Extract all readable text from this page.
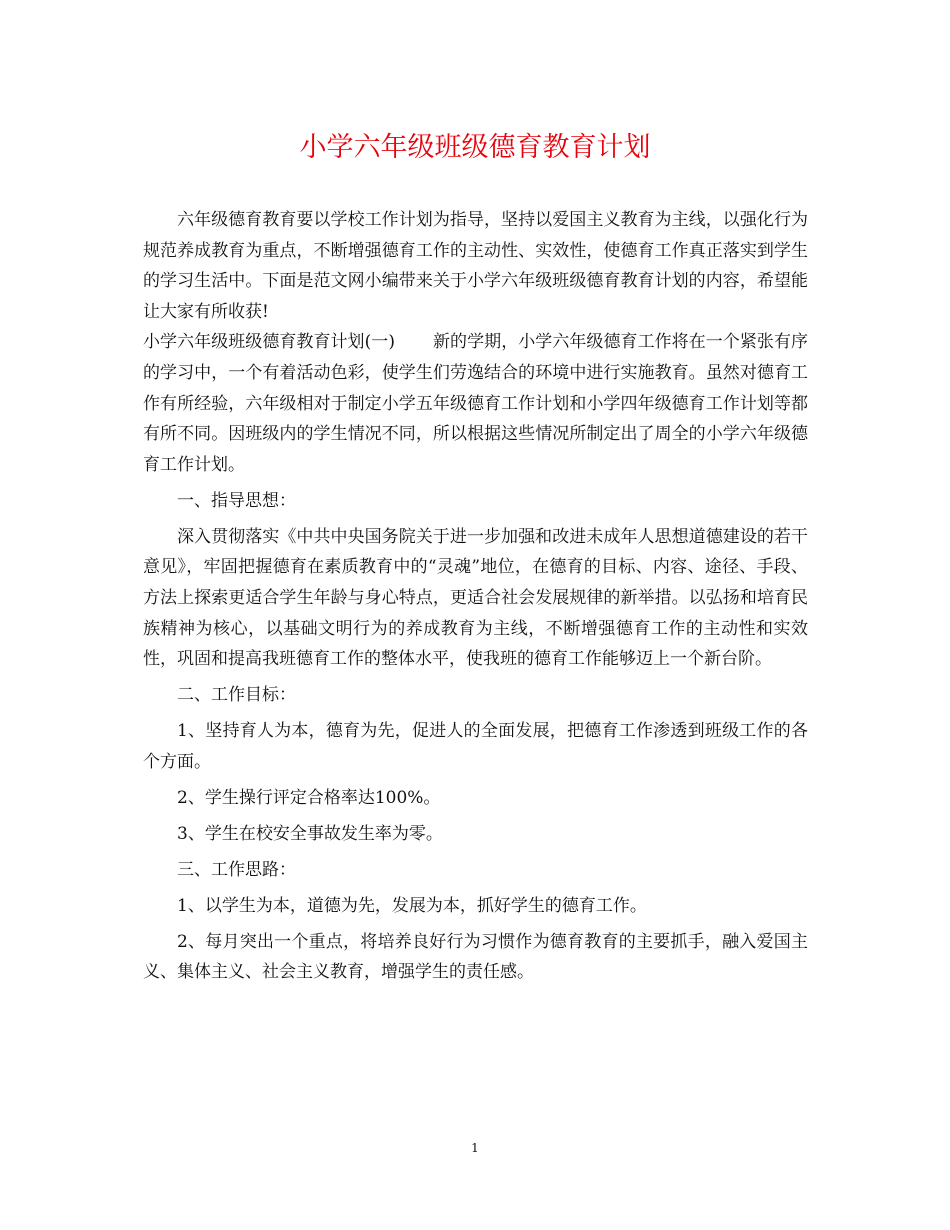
小学六年级班级德育教育计划

六年级德育教育要以学校工作计划为指导，坚持以爱国主义教育为主线，以强化行为规范养成教育为重点，不断增强德育工作的主动性、实效性，使德育工作真正落实到学生的学习生活中。下面是范文网小编带来关于小学六年级班级德育教育计划的内容，希望能让大家有所收获!

小学六年级班级德育教育计划(一) 新的学期，小学六年级德育工作将在一个紧张有序的学习中，一个有着活动色彩，使学生们劳逸结合的环境中进行实施教育。虽然对德育工作有所经验，六年级相对于制定小学五年级德育工作计划和小学四年级德育工作计划等都有所不同。因班级内的学生情况不同，所以根据这些情况所制定出了周全的小学六年级德育工作计划。

一、指导思想：

深入贯彻落实《中共中央国务院关于进一步加强和改进未成年人思想道德建设的若干意见》，牢固把握德育在素质教育中的“灵魂”地位，在德育的目标、内容、途径、手段、方法上探索更适合学生年龄与身心特点，更适合社会发展规律的新举措。以弘扬和培育民族精神为核心，以基础文明行为的养成教育为主线，不断增强德育工作的主动性和实效性，巩固和提高我班德育工作的整体水平，使我班的德育工作能够迈上一个新台阶。

二、工作目标：

1、坚持育人为本，德育为先，促进人的全面发展，把德育工作渗透到班级工作的各个方面。

2、学生操行评定合格率达100%。

3、学生在校安全事故发生率为零。

三、工作思路：

1、以学生为本，道德为先，发展为本，抓好学生的德育工作。

2、每月突出一个重点，将培养良好行为习惯作为德育教育的主要抓手，融入爱国主义、集体主义、社会主义教育，增强学生的责任感。

1
